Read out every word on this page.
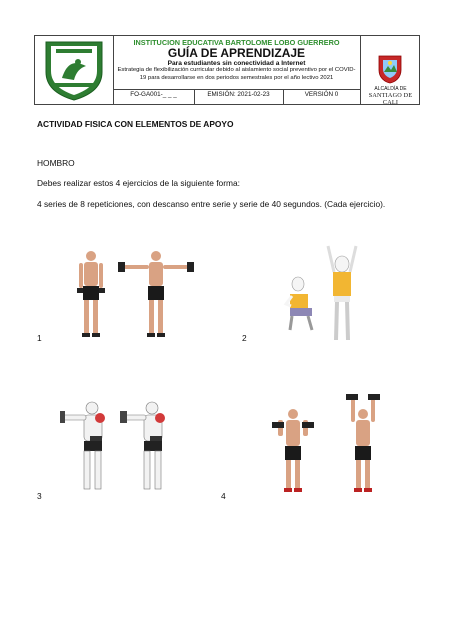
INSTITUCION EDUCATIVA BARTOLOME LOBO GUERRERO
GUÍA DE APRENDIZAJE
Para estudiantes sin conectividad a Internet
Estrategia de flexibilización curricular debido al aislamiento social preventivo por el COVID-19 para desarrollarse en dos periodos semestrales por el año lectivo 2021
FO-GA001-_ _ _	EMISIÓN: 2021-02-23	VERSIÓN 0
ALCALDÍA DE
SANTIAGO DE CALI
ACTIVIDAD FISICA CON ELEMENTOS DE APOYO
HOMBRO
Debes realizar estos 4 ejercicios de la siguiente forma:
4 series de 8 repeticiones, con descanso entre serie y serie de 40 segundos. (Cada ejercicio).
1	2
3	4
